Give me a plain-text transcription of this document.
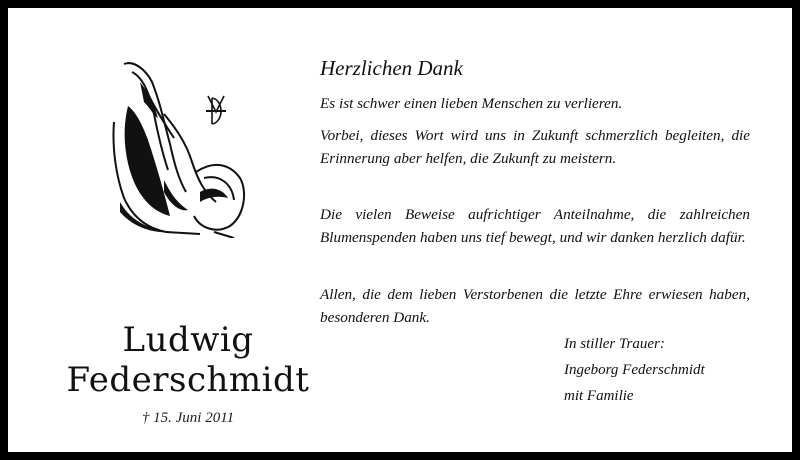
Ludwig
Federschmidt
† 15. Juni 2011
Herzlichen Dank

Es ist schwer einen lieben Menschen zu verlieren.

Vorbei, dieses Wort wird uns in Zukunft schmerzlich begleiten, die Erinnerung aber helfen, die Zukunft zu meistern.

Die vielen Beweise aufrichtiger Anteilnahme, die zahlreichen Blumenspenden haben uns tief bewegt, und wir danken herzlich dafür.

Allen, die dem lieben Verstorbenen die letzte Ehre erwiesen haben, besonderen Dank.

In stiller Trauer:
Ingeborg Federschmidt
mit Familie
